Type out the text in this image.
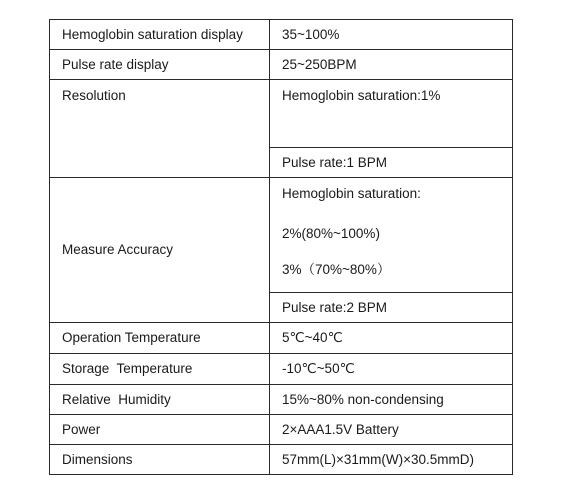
Hemoglobin saturation display	35~100%
Pulse rate display	25~250BPM
Resolution	Hemoglobin saturation:1%
	Pulse rate:1 BPM
Measure Accuracy	Hemoglobin saturation:
2%(80%~100%)
3%（70%~80%）

	Pulse rate:2 BPM
Operation Temperature	5℃~40℃
Storage  Temperature	-10℃~50℃
Relative  Humidity	15%~80% non-condensing
Power	2×AAA1.5V Battery
Dimensions	57mm(L)×31mm(W)×30.5mmD)
